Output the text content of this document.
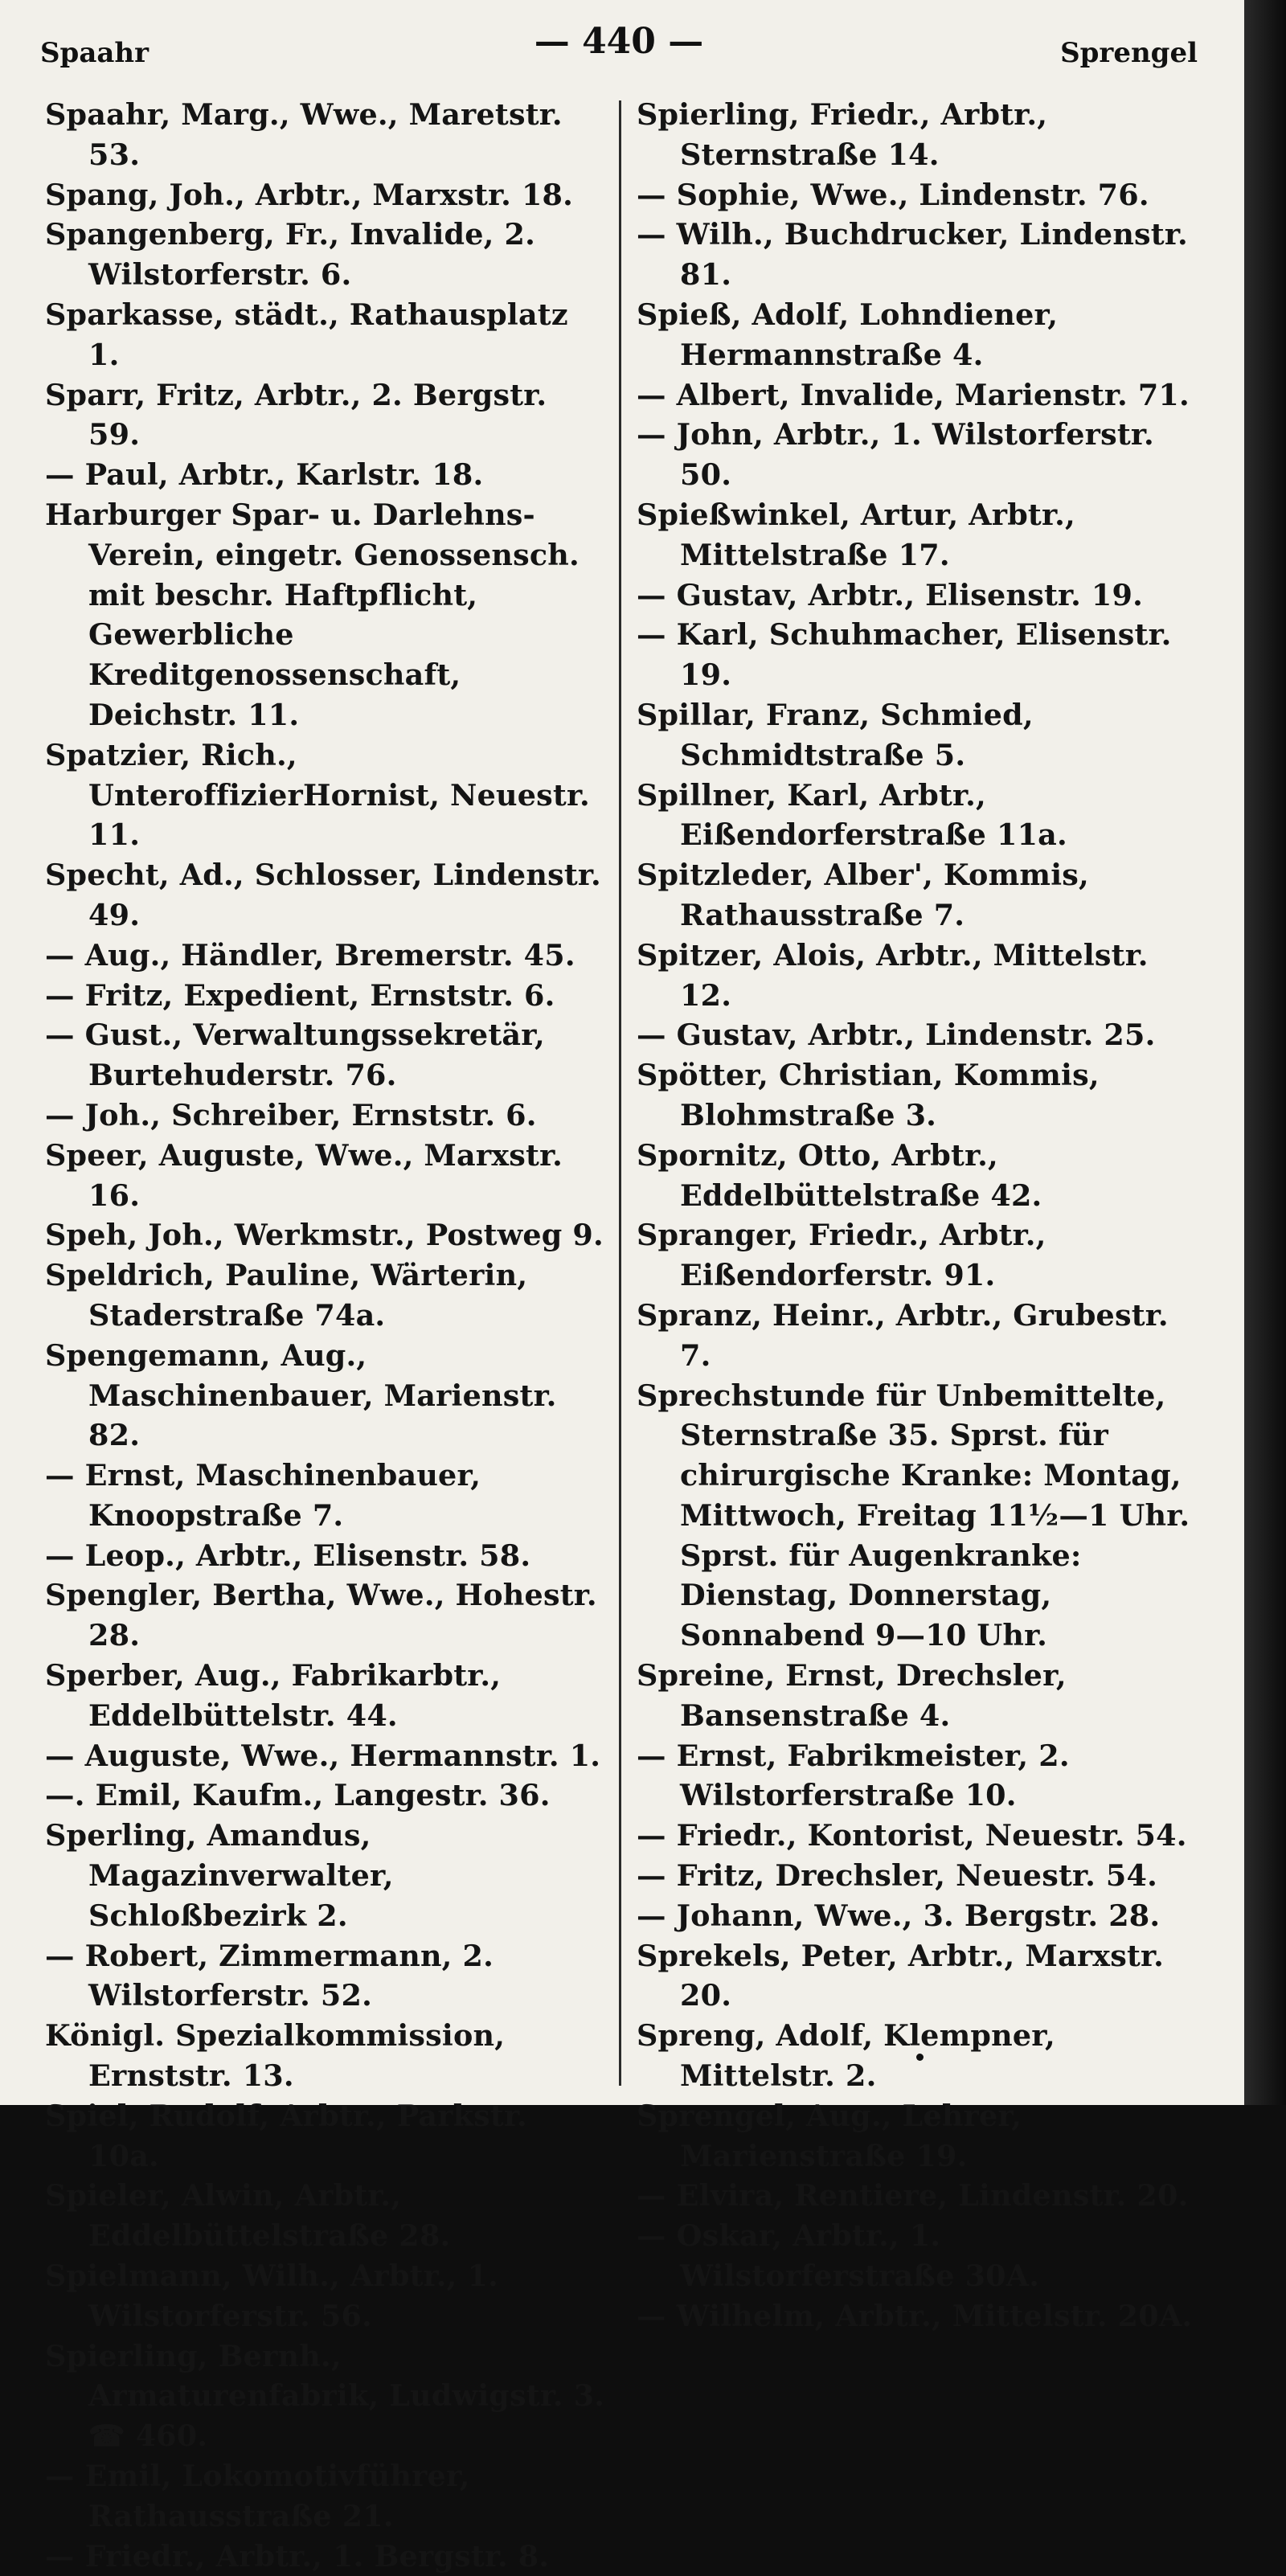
Spaahr	— 440 —	Sprengel

Spaahr, Marg., Wwe., Maretstr. 53.

Spang, Joh., Arbtr., Marxstr. 18.

Spangenberg, Fr., Invalide, 2. Wilstorferstr. 6.

Sparkasse, städt., Rathausplatz 1.

Sparr, Fritz, Arbtr., 2. Bergstr. 59.

— Paul, Arbtr., Karlstr. 18.

Harburger Spar- u. Darlehns-Verein, eingetr. Genossensch. mit beschr. Haftpflicht, Gewerbliche Kreditgenossenschaft, Deichstr. 11.

Spatzier, Rich., UnteroffizierHornist, Neuestr. 11.

Specht, Ad., Schlosser, Lindenstr. 49.

— Aug., Händler, Bremerstr. 45.

— Fritz, Expedient, Ernststr. 6.

— Gust., Verwaltungssekretär, Burtehuderstr. 76.

— Joh., Schreiber, Ernststr. 6.

Speer, Auguste, Wwe., Marxstr. 16.

Speh, Joh., Werkmstr., Postweg 9.

Speldrich, Pauline, Wärterin, Staderstraße 74a.

Spengemann, Aug., Maschinenbauer, Marienstr. 82.

— Ernst, Maschinenbauer, Knoopstraße 7.

— Leop., Arbtr., Elisenstr. 58.

Spengler, Bertha, Wwe., Hohestr. 28.

Sperber, Aug., Fabrikarbtr., Eddelbüttelstr. 44.

— Auguste, Wwe., Hermannstr. 1.

—. Emil, Kaufm., Langestr. 36.

Sperling, Amandus, Magazinverwalter, Schloßbezirk 2.

— Robert, Zimmermann, 2. Wilstorferstr. 52.

Königl. Spezialkommission, Ernststr. 13.

Spiel, Rudolf, Arbtr., Parkstr. 10a.

Spieler, Alwin, Arbtr., Eddelbüttelstraße 28.

Spielmann, Wilh., Arbtr., 1. Wilstorferstr. 56.

Spierling, Bernh., Armaturenfabrik, Ludwigstr. 3. ☎ 460.

— Emil, Lokomotivführer, Rathausstraße 21.

— Friedr., Arbtr., 1. Bergstr. 8.

Spierling, Friedr., Arbtr., Sternstraße 14.

— Sophie, Wwe., Lindenstr. 76.

— Wilh., Buchdrucker, Lindenstr. 81.

Spieß, Adolf, Lohndiener, Hermannstraße 4.

— Albert, Invalide, Marienstr. 71.

— John, Arbtr., 1. Wilstorferstr. 50.

Spießwinkel, Artur, Arbtr., Mittelstraße 17.

— Gustav, Arbtr., Elisenstr. 19.

— Karl, Schuhmacher, Elisenstr. 19.

Spillar, Franz, Schmied, Schmidtstraße 5.

Spillner, Karl, Arbtr., Eißendorferstraße 11a.

Spitzleder, Alber', Kommis, Rathausstraße 7.

Spitzer, Alois, Arbtr., Mittelstr. 12.

— Gustav, Arbtr., Lindenstr. 25.

Spötter, Christian, Kommis, Blohmstraße 3.

Spornitz, Otto, Arbtr., Eddelbüttelstraße 42.

Spranger, Friedr., Arbtr., Eißendorferstr. 91.

Spranz, Heinr., Arbtr., Grubestr. 7.

Sprechstunde für Unbemittelte, Sternstraße 35. Sprst. für chirurgische Kranke: Montag, Mittwoch, Freitag 11½—1 Uhr. Sprst. für Augenkranke: Dienstag, Donnerstag, Sonnabend 9—10 Uhr.

Spreine, Ernst, Drechsler, Bansenstraße 4.

— Ernst, Fabrikmeister, 2. Wilstorferstraße 10.

— Friedr., Kontorist, Neuestr. 54.

— Fritz, Drechsler, Neuestr. 54.

— Johann, Wwe., 3. Bergstr. 28.

Sprekels, Peter, Arbtr., Marxstr. 20.

Spreng, Adolf, Klempner, Mittelstr. 2.

Sprengel, Aug., Lehrer, Marienstraße 19.

— Elvira, Rentiere, Lindenstr. 20.

— Oskar, Arbtr., 1. Wilstorferstraße 30A.

— Wilhelm, Arbtr., Mittelstr. 20A.
